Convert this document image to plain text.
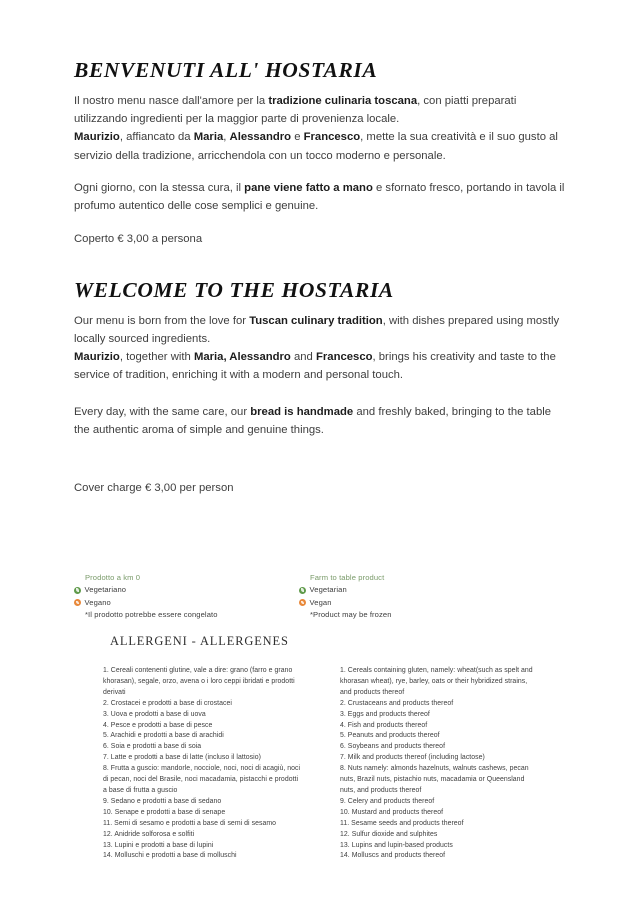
BENVENUTI ALL' HOSTARIA

Il nostro menu nasce dall'amore per la tradizione culinaria toscana, con piatti preparati utilizzando ingredienti per la maggior parte di provenienza locale.
Maurizio, affiancato da Maria, Alessandro e Francesco, mette la sua creatività e il suo gusto al servizio della tradizione, arricchendola con un tocco moderno e personale.

Ogni giorno, con la stessa cura, il pane viene fatto a mano e sfornato fresco, portando in tavola il profumo autentico delle cose semplici e genuine.

Coperto € 3,00 a persona

WELCOME TO THE HOSTARIA

Our menu is born from the love for Tuscan culinary tradition, with dishes prepared using mostly locally sourced ingredients.
Maurizio, together with Maria, Alessandro and Francesco, brings his creativity and taste to the service of tradition, enriching it with a modern and personal touch.

Every day, with the same care, our bread is handmade and freshly baked, bringing to the table the authentic aroma of simple and genuine things.

Cover charge € 3,00 per person

Prodotto a km 0
Vegetariano
Vegano
*Il prodotto potrebbe essere congelato
Farm to table product
Vegetarian
Vegan
*Product may be frozen
ALLERGENI - ALLERGENES

1. Cereali contenenti glutine, vale a dire: grano (farro e grano khorasan), segale, orzo, avena o i loro ceppi ibridati e prodotti derivati

2. Crostacei e prodotti a base di crostacei

3. Uova e prodotti a base di uova

4. Pesce e prodotti a base di pesce

5. Arachidi e prodotti a base di arachidi

6. Soia e prodotti a base di soia

7. Latte e prodotti a base di latte (incluso il lattosio)

8. Frutta a guscio: mandorle, nocciole, noci, noci di acagiù, noci di pecan, noci del Brasile, noci macadamia, pistacchi e prodotti a base di frutta a guscio

9. Sedano e prodotti a base di sedano

10. Senape e prodotti a base di senape

11. Semi di sesamo e prodotti a base di semi di sesamo

12. Anidride solforosa e solfiti

13. Lupini e prodotti a base di lupini

14. Molluschi e prodotti a base di molluschi

1. Cereals containing gluten, namely: wheat(such as spelt and khorasan wheat), rye, barley, oats or their hybridized strains, and products thereof

2. Crustaceans and products thereof

3. Eggs and products thereof

4. Fish and products thereof

5. Peanuts and products thereof

6. Soybeans and products thereof

7. Milk and products thereof (including lactose)

8. Nuts namely: almonds hazelnuts, walnuts cashews, pecan nuts, Brazil nuts, pistachio nuts, macadamia or Queensland nuts, and products thereof

9. Celery and products thereof

10. Mustard and products thereof

11. Sesame seeds and products thereof

12. Sulfur dioxide and sulphites

13. Lupins and lupin-based products

14. Molluscs and products thereof
